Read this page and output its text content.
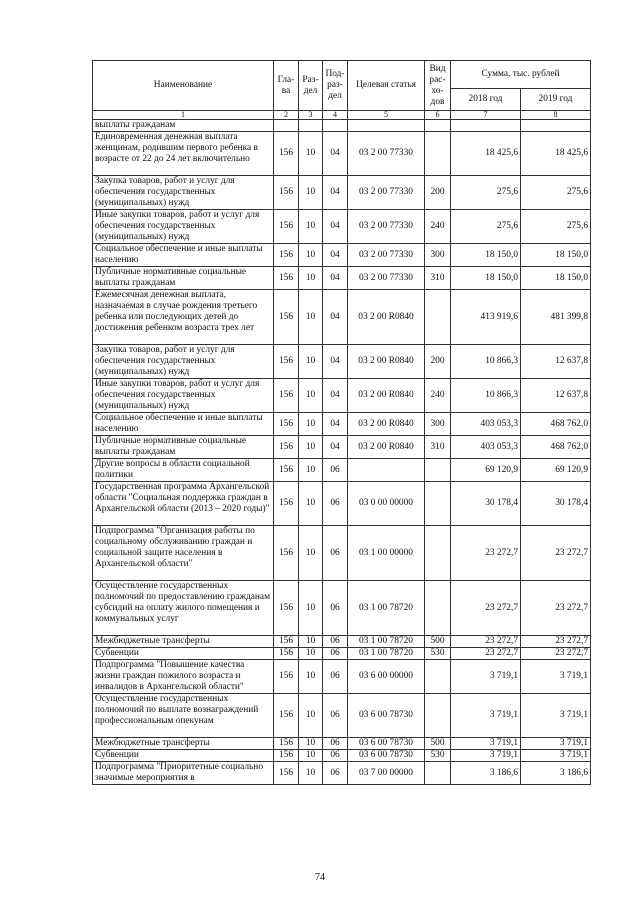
Наименование	Гла-ва	Раз-дел	Под-раз-дел	Целевая статья	Вид рас-хо-дов	Сумма, тыс. рублей	
						2018 год	2019 год
1	2	3	4	5	6	7	8
выплаты гражданам							
Единовременная денежная выплата женщинам, родившим первого ребенка в возрасте от 22 до 24 лет включительно	156	10	04	03 2 00 77330		18 425,6	18 425,6
Закупка товаров, работ и услуг для обеспечения государственных (муниципальных) нужд	156	10	04	03 2 00 77330	200	275,6	275,6
Иные закупки товаров, работ и услуг для обеспечения государственных (муниципальных) нужд	156	10	04	03 2 00 77330	240	275,6	275,6
Социальное обеспечение и иные выплаты населению	156	10	04	03 2 00 77330	300	18 150,0	18 150,0
Публичные нормативные социальные выплаты гражданам	156	10	04	03 2 00 77330	310	18 150,0	18 150,0
Ежемесячная денежная выплата, назначаемая в случае рождения третьего ребенка или последующих детей до достижения ребенком возраста трех лет	156	10	04	03 2 00 R0840		413 919,6	481 399,8
Закупка товаров, работ и услуг для обеспечения государственных (муниципальных) нужд	156	10	04	03 2 00 R0840	200	10 866,3	12 637,8
Иные закупки товаров, работ и услуг для обеспечения государственных (муниципальных) нужд	156	10	04	03 2 00 R0840	240	10 866,3	12 637,8
Социальное обеспечение и иные выплаты населению	156	10	04	03 2 00 R0840	300	403 053,3	468 762,0
Публичные нормативные социальные выплаты гражданам	156	10	04	03 2 00 R0840	310	403 053,3	468 762,0
Другие вопросы в области социальной политики	156	10	06			69 120,9	69 120,9
Государственная программа Архангельской области "Социальная поддержка граждан в Архангельской области (2013 – 2020 годы)"	156	10	06	03 0 00 00000		30 178,4	30 178,4
Подпрограмма "Организация работы по социальному обслуживанию граждан и социальной защите населения в Архангельской области"	156	10	06	03 1 00 00000		23 272,7	23 272,7
Осуществление государственных полномочий по предоставлению гражданам субсидий на оплату жилого помещения и коммунальных услуг	156	10	06	03 1 00 78720		23 272,7	23 272,7
Межбюджетные трансферты	156	10	06	03 1 00 78720	500	23 272,7	23 272,7
Субвенции	156	10	06	03 1 00 78720	530	23 272,7	23 272,7
Подпрограмма "Повышение качества жизни граждан пожилого возраста и инвалидов в Архангельской области"	156	10	06	03 6 00 00000		3 719,1	3 719,1
Осуществление государственных полномочий по выплате вознаграждений профессиональным опекунам	156	10	06	03 6 00 78730		3 719,1	3 719,1
Межбюджетные трансферты	156	10	06	03 6 00 78730	500	3 719,1	3 719,1
Субвенции	156	10	06	03 6 00 78730	530	3 719,1	3 719,1
Подпрограмма "Приоритетные социально значимые мероприятия в	156	10	06	03 7 00 00000		3 186,6	3 186,6
74
